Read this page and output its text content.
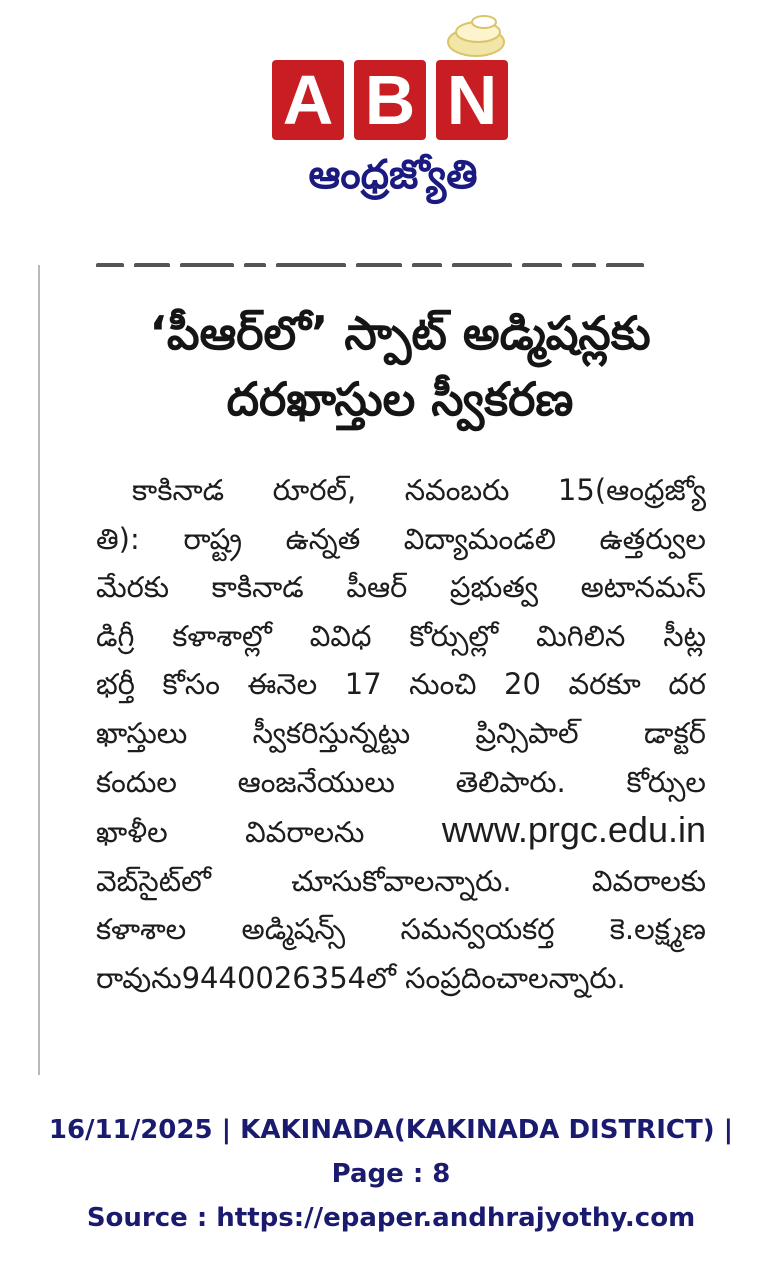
A B N
ఆంధ్రజ్యోతి
‘పీఆర్‌లో’ స్పాట్‌ అడ్మిషన్లకు
దరఖాస్తుల స్వీకరణ
కాకినాడ రూరల్‌, నవంబరు 15(ఆంధ్రజ్యో
తి): రాష్ట్ర ఉన్నత విద్యామండలి ఉత్తర్వుల
మేరకు కాకినాడ పీఆర్‌ ప్రభుత్వ అటానమస్‌
డిగ్రీ కళాశాల్లో వివిధ కోర్సుల్లో మిగిలిన సీట్ల
భర్తీ కోసం ఈనెల 17 నుంచి 20 వరకూ దర
ఖాస్తులు స్వీకరిస్తున్నట్టు ప్రిన్సిపాల్‌ డాక్టర్‌
కందుల ఆంజనేయులు తెలిపారు. కోర్సుల
ఖాళీల వివరాలను www.prgc.edu.in
వెబ్‌సైట్‌లో చూసుకోవాలన్నారు. వివరాలకు
కళాశాల అడ్మిషన్స్‌ సమన్వయకర్త కె.లక్ష్మణ
రావును9440026354లో సంప్రదించాలన్నారు.
16/11/2025 | KAKINADA(KAKINADA DISTRICT) |
Page : 8
Source : https://epaper.andhrajyothy.com
